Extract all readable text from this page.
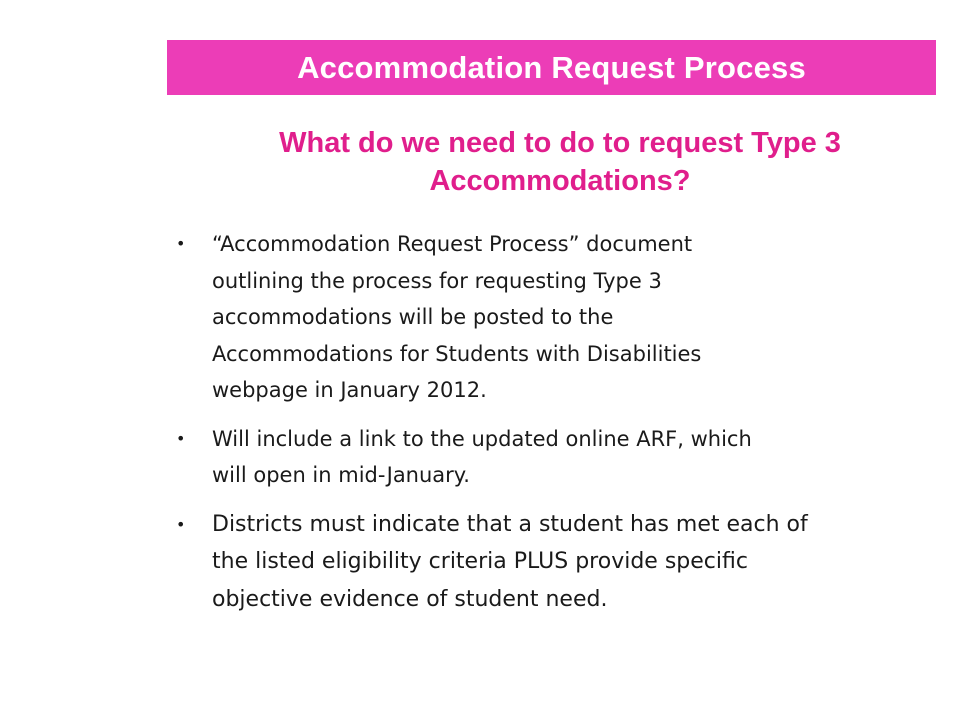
Accommodation Request Process
What do we need to do to request Type 3
Accommodations?
• “Accommodation Request Process” document
outlining the process for requesting Type 3
accommodations will be posted to the
Accommodations for Students with Disabilities
webpage in January 2012.
• Will include a link to the updated online ARF, which
will open in mid-January.
• Districts must indicate that a student has met each of
the listed eligibility criteria PLUS provide specific
objective evidence of student need.
